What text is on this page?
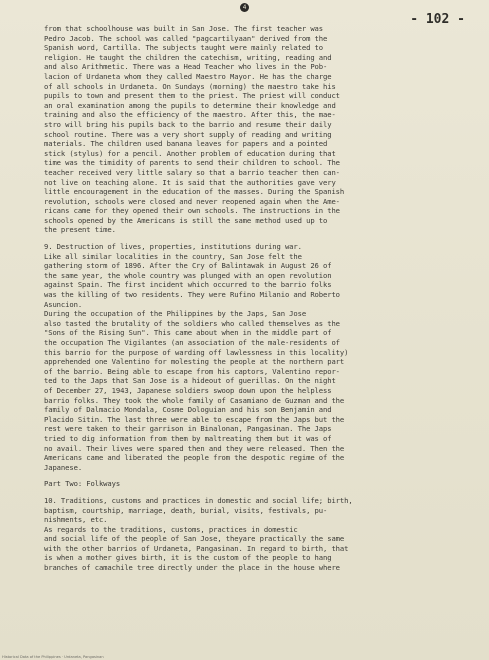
4
- 102 -
from that schoolhouse was built in San Jose. The first teacher was
Pedro Jacob. The school was called "pagcartilyaan" derived from the
Spanish word, Cartilla. The subjects taught were mainly related to
religion. He taught the children the catechism, writing, reading and
and also Arithmetic. There was a Head Teacher who lives in the Pob-
lacion of Urdaneta whom they called Maestro Mayor. He has the charge
of all schools in Urdaneta. On Sundays (morning) the maestro take his
pupils to town and present them to the priest. The priest will conduct
an oral examination among the pupils to determine their knowledge and
training and also the efficiency of the maestro. After this, the mae-
stro will bring his pupils back to the barrio and resume their daily
school routine. There was a very short supply of reading and writing
materials. The children used banana leaves for papers and a pointed
stick (stylus) for a pencil. Another problem of education during that
time was the timidity of parents to send their children to school. The
teacher received very little salary so that a barrio teacher then can-
not live on teaching alone. It is said that the authorities gave very
little encouragement in the education of the masses. During the Spanish
revolution, schools were closed and never reopened again when the Ame-
ricans came for they opened their own schools. The instructions in the
schools opened by the Americans is still the same method used up to
the present time.
9. Destruction of lives, properties, institutions during war.
Like all similar localities in the country, San Jose felt the
gathering storm of 1896. After the Cry of Balintawak in August 26 of
the same year, the whole country was plunged with an open revolution
against Spain. The first incident which occurred to the barrio folks
was the killing of two residents. They were Rufino Milanio and Roberto
Asuncion.
During the occupation of the Philippines by the Japs, San Jose
also tasted the brutality of the soldiers who called themselves as the
"Sons of the Rising Sun". This came about when in the middle part of
the occupation The Vigilantes (an association of the male-residents of
this barrio for the purpose of warding off lawlessness in this locality)
apprehended one Valentino for molesting the people at the northern part
of the barrio. Being able to escape from his captors, Valentino repor-
ted to the Japs that San Jose is a hideout of guerillas. On the night
of December 27, 1943, Japanese soldiers swoop down upon the helpless
barrio folks. They took the whole family of Casamiano de Guzman and the
family of Dalmacio Mondala, Cosme Dologuian and his son Benjamin and
Placido Sitin. The last three were able to escape from the Japs but the
rest were taken to their garrison in Binalonan, Pangasinan. The Japs
tried to dig information from them by maltreating them but it was of
no avail. Their lives were spared then and they were released. Then the
Americans came and liberated the people from the despotic regime of the
Japanese.
Part Two: Folkways
10. Traditions, customs and practices in domestic and social life; birth,
baptism, courtship, marriage, death, burial, visits, festivals, pu-
nishments, etc.
As regards to the traditions, customs, practices in domestic
and social life of the people of San Jose, theyare practically the same
with the other barrios of Urdaneta, Pangasinan. In regard to birth, that
is when a mother gives birth, it is the custom of the people to hang
branches of camachile tree directly under the place in the house where
Historical Data of the Philippines · Urdaneta, Pangasinan
